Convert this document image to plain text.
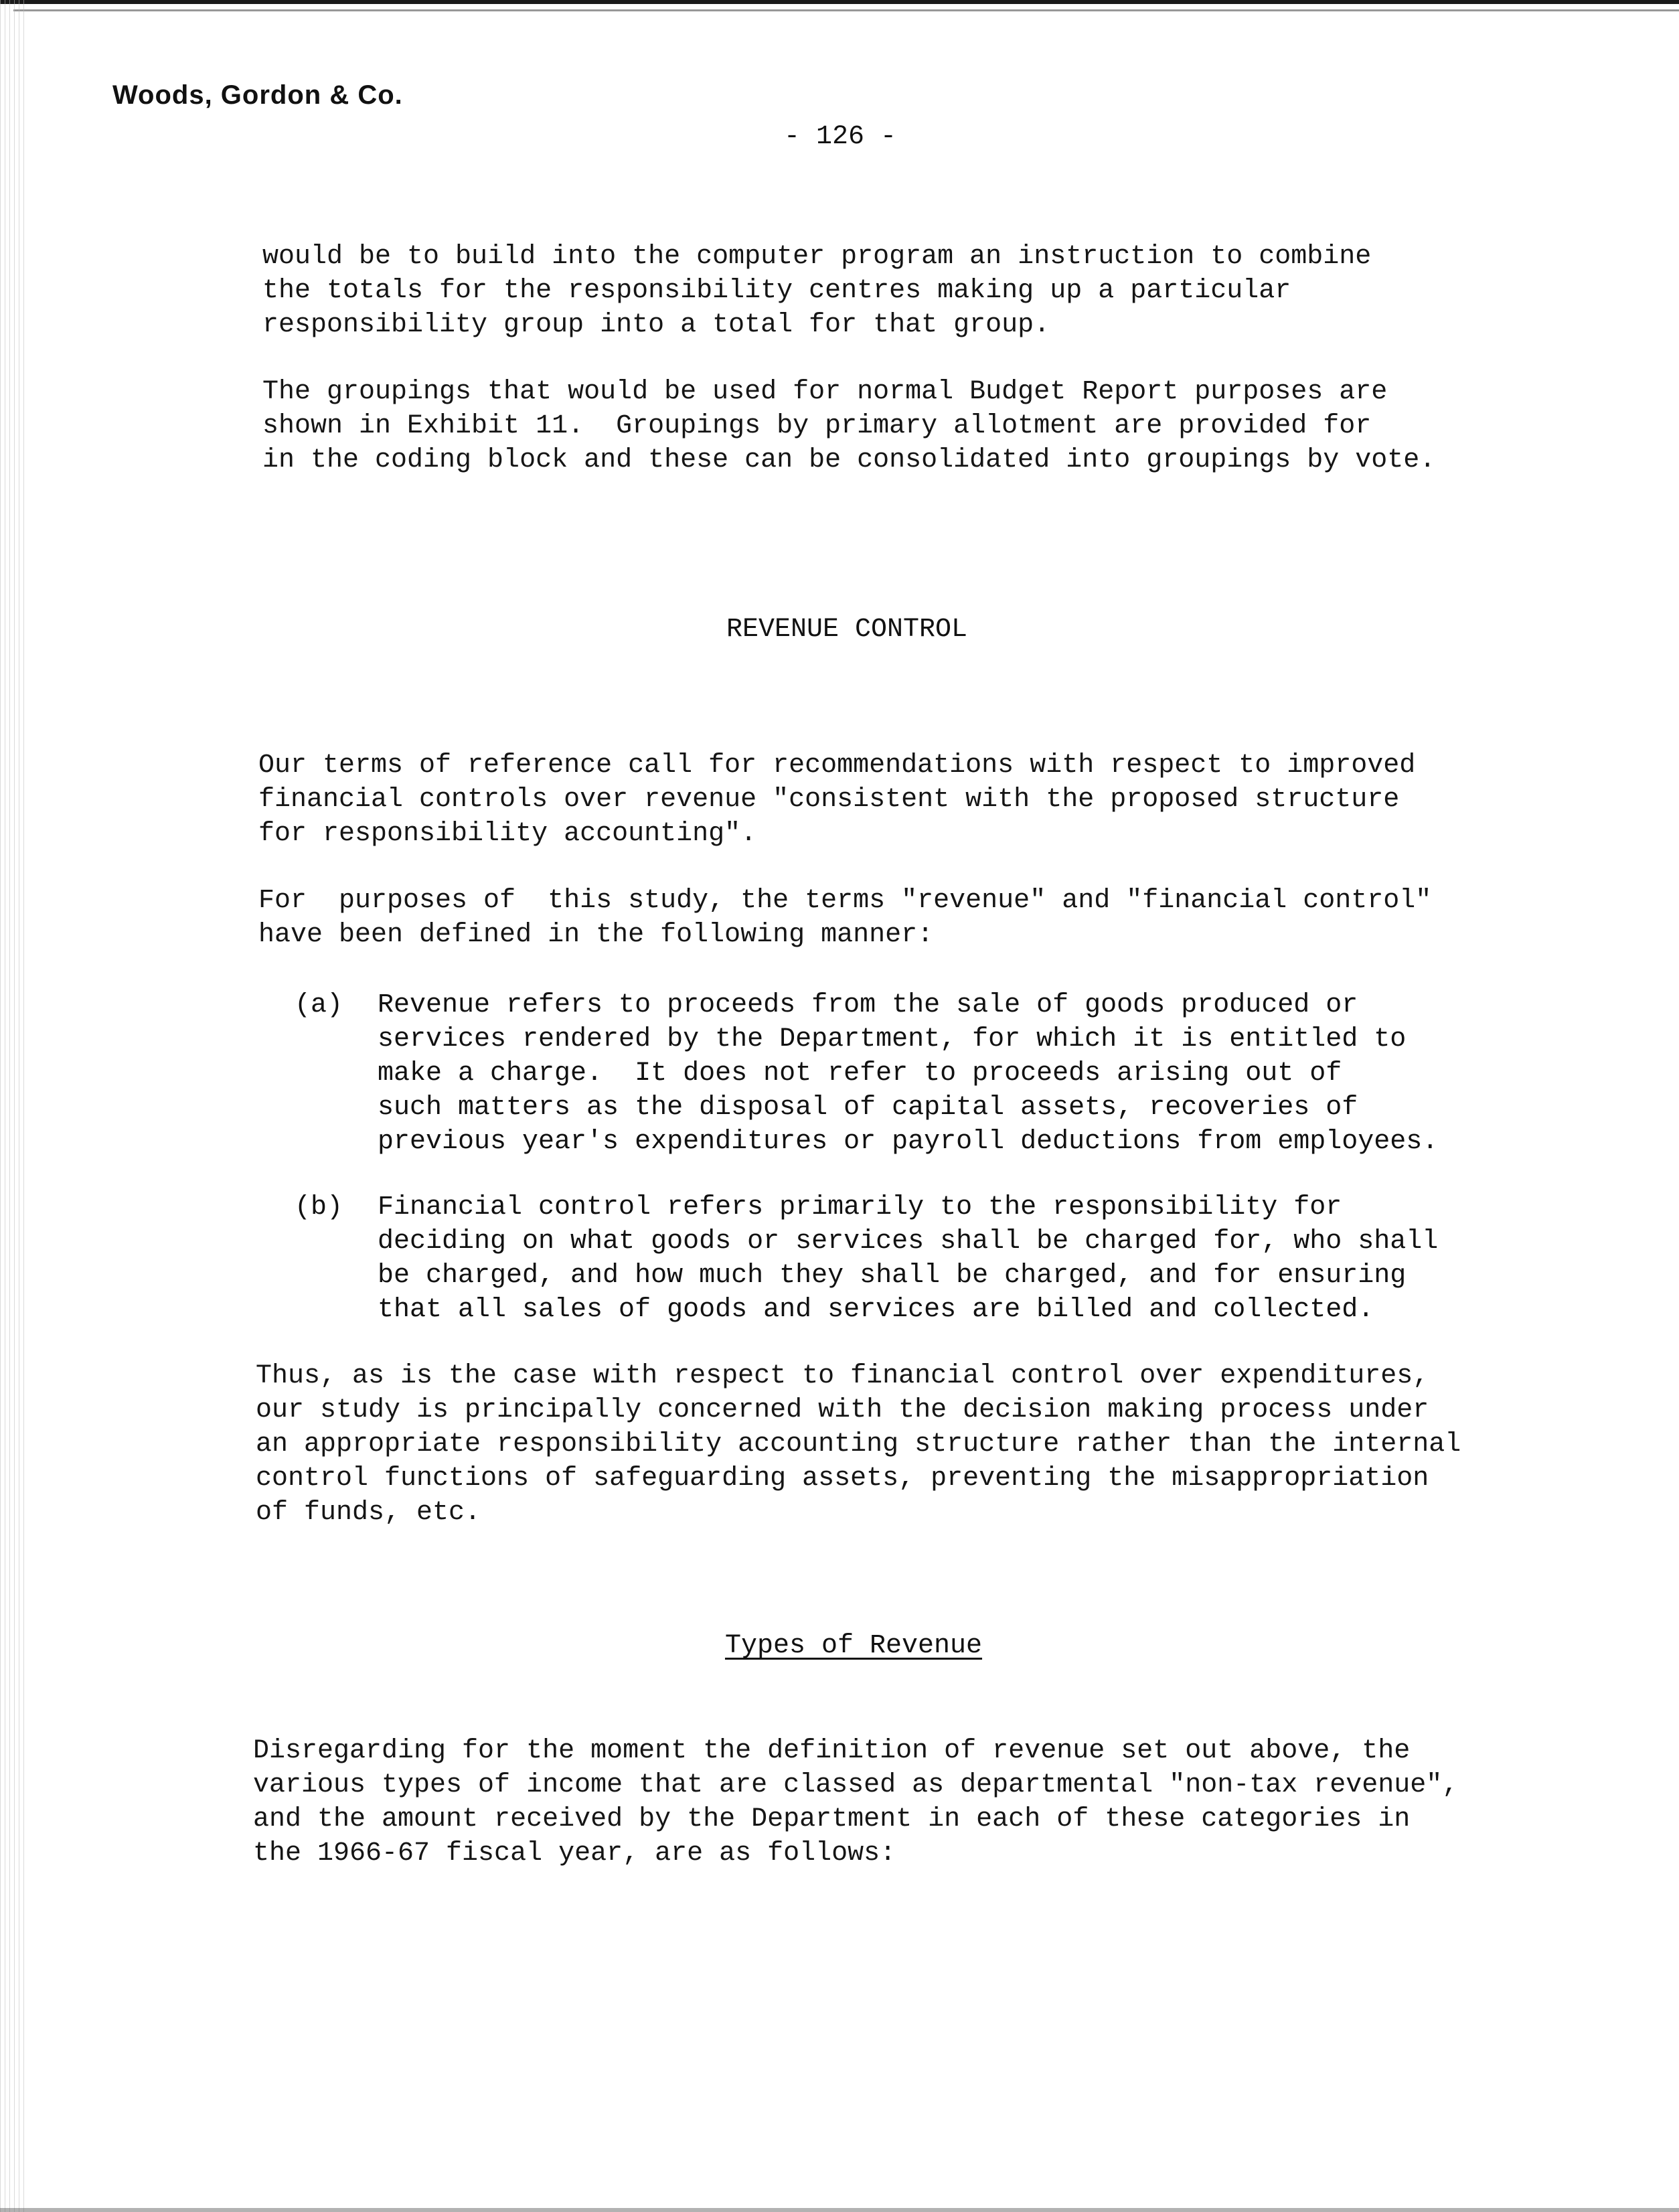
Woods, Gordon & Co.
- 126 -

would be to build into the computer program an instruction to combine
the totals for the responsibility centres making up a particular
responsibility group into a total for that group.

The groupings that would be used for normal Budget Report purposes are
shown in Exhibit 11.  Groupings by primary allotment are provided for
in the coding block and these can be consolidated into groupings by vote.

REVENUE CONTROL

Our terms of reference call for recommendations with respect to improved
financial controls over revenue "consistent with the proposed structure
for responsibility accounting".

For  purposes of  this study, the terms "revenue" and "financial control"
have been defined in the following manner:

(a) Revenue refers to proceeds from the sale of goods produced or
services rendered by the Department, for which it is entitled to
make a charge.  It does not refer to proceeds arising out of
such matters as the disposal of capital assets, recoveries of
previous year's expenditures or payroll deductions from employees.
(b) Financial control refers primarily to the responsibility for
deciding on what goods or services shall be charged for, who shall
be charged, and how much they shall be charged, and for ensuring
that all sales of goods and services are billed and collected.

Thus, as is the case with respect to financial control over expenditures,
our study is principally concerned with the decision making process under
an appropriate responsibility accounting structure rather than the internal
control functions of safeguarding assets, preventing the misappropriation
of funds, etc.

Types of Revenue

Disregarding for the moment the definition of revenue set out above, the
various types of income that are classed as departmental "non-tax revenue",
and the amount received by the Department in each of these categories in
the 1966-67 fiscal year, are as follows:
